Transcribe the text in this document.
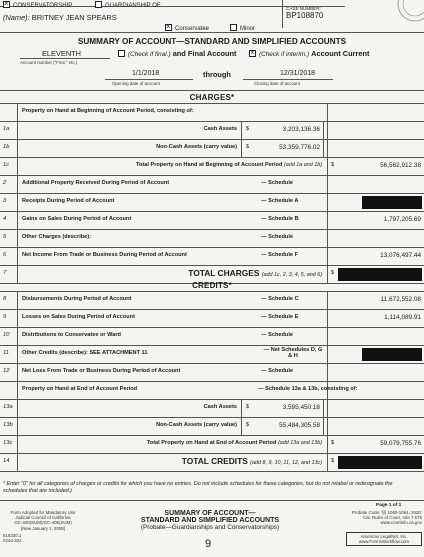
×CONSERVATORSHIP	GUARDIANSHIP OF	CASE NUMBER:
BP108870
(Name): BRITNEY JEAN SPEARS
×Conservatee	Minor
SUMMARY OF ACCOUNT—STANDARD AND SIMPLIFIED ACCOUNTS
ELEVENTH	(Check if final.) and Final Account
×	(Check if interim.) Account Current
Account number ("First," etc.)
1/1/2018
Opening date of account
through	12/31/2018
Closing date of account
CHARGES*
Property on Hand at Beginning of Account Period, consisting of:
1a	Cash Assets $	3,203,136.36
1b	Non-Cash Assets (carry value) $	53,359,776.02
1c	Total Property on Hand at Beginning of Account Period (add 1a and 1b) $	56,562,912.38
2	Additional Property Received During Period of Account	— Schedule
3	Receipts During Period of Account	— Schedule A
4	Gains on Sales During Period of Account	— Schedule B	1,797,205.69
5	Other Charges (describe):	— Schedule
6	Net Income From Trade or Business During Period of Account	— Schedule F	13,076,497.44
7	TOTAL CHARGES (add 1c, 2, 3, 4, 5, and 6) $
CREDITS*
8	Disbursements During Period of Account	— Schedule C	11,672,552.08
9	Losses on Sales During Period of Account	— Schedule E	1,114,089.91
10 Distributions to Conservatee or Ward	— Schedule
11 Other Credits (describe): SEE ATTACHMENT 11	— Net Schedules D, G & H
12 Net Loss From Trade or Business During Period of Account	— Schedule
Property on Hand at End of Account Period	— Schedule 13a & 13b, consisting of:
13a	Cash Assets $	3,595,450.18
13b	Non-Cash Assets (carry value) $	55,484,305.58
13c	Total Property on Hand at End of Account Period (add 13a and 13b) $	59,079,755.76
14	TOTAL CREDITS (add 8, 9, 10, 11, 12, and 13c) $
* Enter "0" for all categories of charges or credits for which you have no entries. Do not include schedules for these categories, but do not relabel or redesignate the schedules that are included.)
Page 1 of 1
Form Adopted for Mandatory Use
Judicial Council of California
GC-400(SUM)/GC-405(SUM)
[New January 1, 2008]
SUMMARY OF ACCOUNT—
STANDARD AND SIMPLIFIED ACCOUNTS
(Probate—Guardianships and Conservatorships)
Probate Code, §§ 1060-1064, 2620;
Cal. Rules of Court, rule 7.575
www.courtinfo.ca.gov
American LegalNet, Inc.
www.FormsWorkflow.com
816330.1
0244-332	9
